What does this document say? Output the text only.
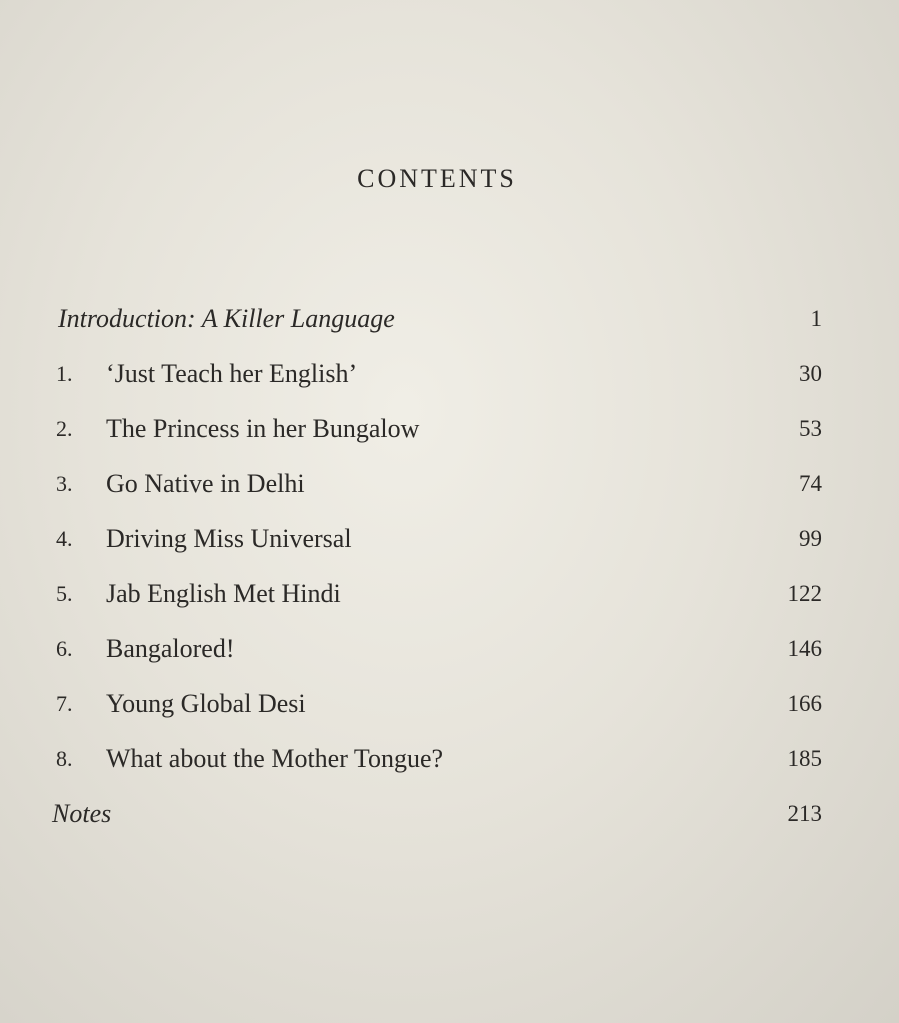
CONTENTS
Introduction: A Killer Language	1
1. ‘Just Teach her English’	30
2. The Princess in her Bungalow	53
3. Go Native in Delhi	74
4. Driving Miss Universal	99
5. Jab English Met Hindi	122
6. Bangalored!	146
7. Young Global Desi	166
8. What about the Mother Tongue?	185
Notes	213
